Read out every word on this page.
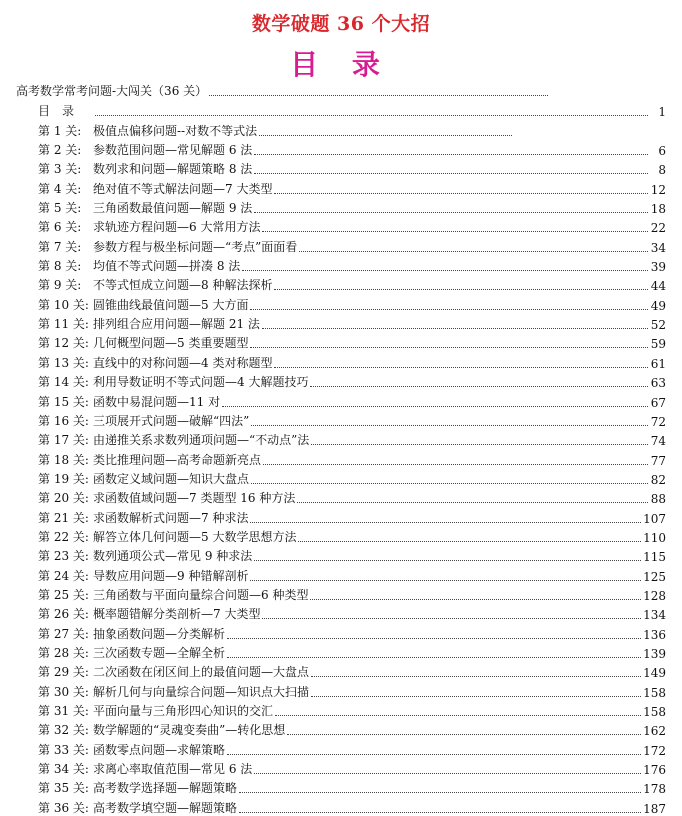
数学破题 36 个大招
目 录
高考数学常考问题-大闯关（36 关）
目　录	1
第 1 关: 极值点偏移问题--对数不等式法
第 2 关: 参数范围问题—常见解题 6 法	6
第 3 关: 数列求和问题—解题策略 8 法	8
第 4 关: 绝对值不等式解法问题—7 大类型	12
第 5 关: 三角函数最值问题—解题 9 法	18
第 6 关: 求轨迹方程问题—6 大常用方法	22
第 7 关: 参数方程与极坐标问题—“考点”面面看	34
第 8 关: 均值不等式问题—拼凑 8 法	39
第 9 关: 不等式恒成立问题—8 种解法探析	44
第 10 关: 圆锥曲线最值问题—5 大方面	49
第 11 关: 排列组合应用问题—解题 21 法	52
第 12 关: 几何概型问题—5 类重要题型	59
第 13 关: 直线中的对称问题—4 类对称题型	61
第 14 关: 利用导数证明不等式问题—4 大解题技巧	63
第 15 关: 函数中易混问题—11 对	67
第 16 关: 三项展开式问题—破解“四法”	72
第 17 关: 由递推关系求数列通项问题—“不动点”法	74
第 18 关: 类比推理问题—高考命题新亮点	77
第 19 关: 函数定义域问题—知识大盘点	82
第 20 关: 求函数值域问题—7 类题型 16 种方法	88
第 21 关: 求函数解析式问题—7 种求法	107
第 22 关: 解答立体几何问题—5 大数学思想方法	110
第 23 关: 数列通项公式—常见 9 种求法	115
第 24 关: 导数应用问题—9 种错解剖析	125
第 25 关: 三角函数与平面向量综合问题—6 种类型	128
第 26 关: 概率题错解分类剖析—7 大类型	134
第 27 关: 抽象函数问题—分类解析	136
第 28 关: 三次函数专题—全解全析	139
第 29 关: 二次函数在闭区间上的最值问题—大盘点	149
第 30 关: 解析几何与向量综合问题—知识点大扫描	158
第 31 关: 平面向量与三角形四心知识的交汇	158
第 32 关: 数学解题的“灵魂变奏曲”—转化思想	162
第 33 关: 函数零点问题—求解策略	172
第 34 关: 求离心率取值范围—常见 6 法	176
第 35 关: 高考数学选择题—解题策略	178
第 36 关: 高考数学填空题—解题策略	187
